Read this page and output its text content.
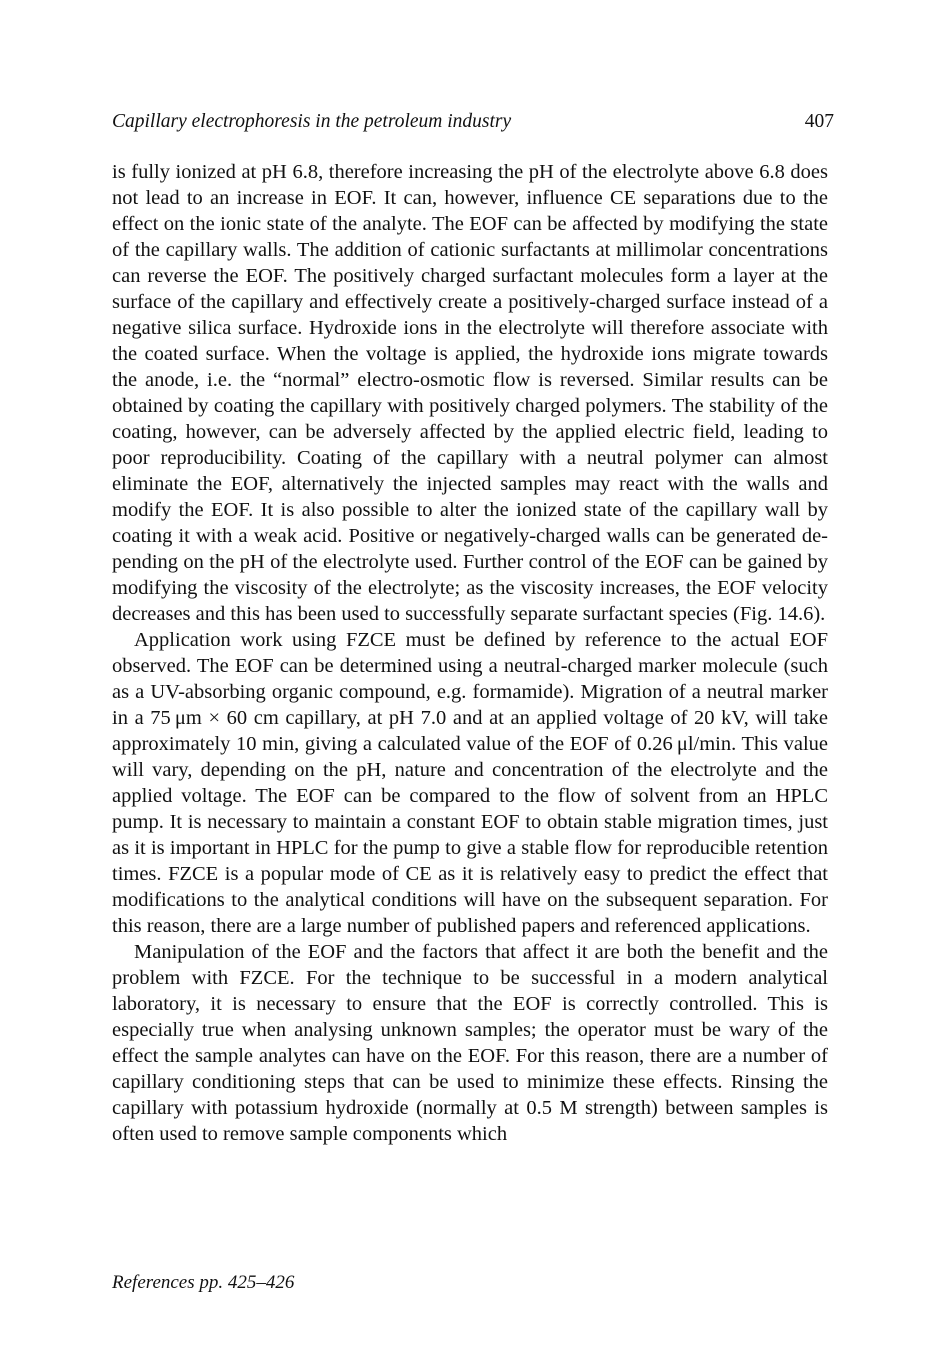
Capillary electrophoresis in the petroleum industry	407

is fully ionized at pH 6.8, therefore increasing the pH of the electrolyte above 6.8 does not lead to an increase in EOF. It can, however, influence CE separations due to the effect on the ionic state of the analyte. The EOF can be affected by modifying the state of the capillary walls. The addition of cationic surfactants at millimolar concentrations can reverse the EOF. The positively charged surfactant molecules form a layer at the surface of the capillary and effectively create a positively-charged surface instead of a negative silica surface. Hydroxide ions in the electrolyte will therefore associate with the coated surface. When the voltage is applied, the hydroxide ions migrate towards the anode, i.e. the “normal” electro-osmotic flow is reversed. Similar results can be obtained by coating the capillary with positively charged polymers. The stability of the coating, however, can be adversely affected by the applied electric field, leading to poor reproducibility. Coating of the capillary with a neutral polymer can almost eliminate the EOF, alternatively the injected samples may react with the walls and modify the EOF. It is also possible to alter the ionized state of the capillary wall by coating it with a weak acid. Positive or negatively-charged walls can be generated depending on the pH of the electrolyte used. Further control of the EOF can be gained by modifying the viscosity of the electrolyte; as the viscosity increases, the EOF velocity decreases and this has been used to successfully separate surfactant species (Fig. 14.6).

Application work using FZCE must be defined by reference to the actual EOF observed. The EOF can be determined using a neutral-charged marker molecule (such as a UV-absorbing organic compound, e.g. formamide). Migration of a neutral marker in a 75 μm × 60 cm capillary, at pH 7.0 and at an applied voltage of 20 kV, will take approximately 10 min, giving a calculated value of the EOF of 0.26 μl/min. This value will vary, depending on the pH, nature and concentration of the electrolyte and the applied voltage. The EOF can be compared to the flow of solvent from an HPLC pump. It is necessary to maintain a constant EOF to obtain stable migration times, just as it is important in HPLC for the pump to give a stable flow for reproducible retention times. FZCE is a popular mode of CE as it is relatively easy to predict the effect that modifications to the analytical conditions will have on the subsequent separation. For this reason, there are a large number of published papers and referenced applications.

Manipulation of the EOF and the factors that affect it are both the benefit and the problem with FZCE. For the technique to be successful in a modern analytical laboratory, it is necessary to ensure that the EOF is correctly controlled. This is especially true when analysing unknown samples; the operator must be wary of the effect the sample analytes can have on the EOF. For this reason, there are a number of capillary conditioning steps that can be used to minimize these effects. Rinsing the capillary with potassium hydroxide (normally at 0.5 M strength) between samples is often used to remove sample components which

References pp. 425–426
